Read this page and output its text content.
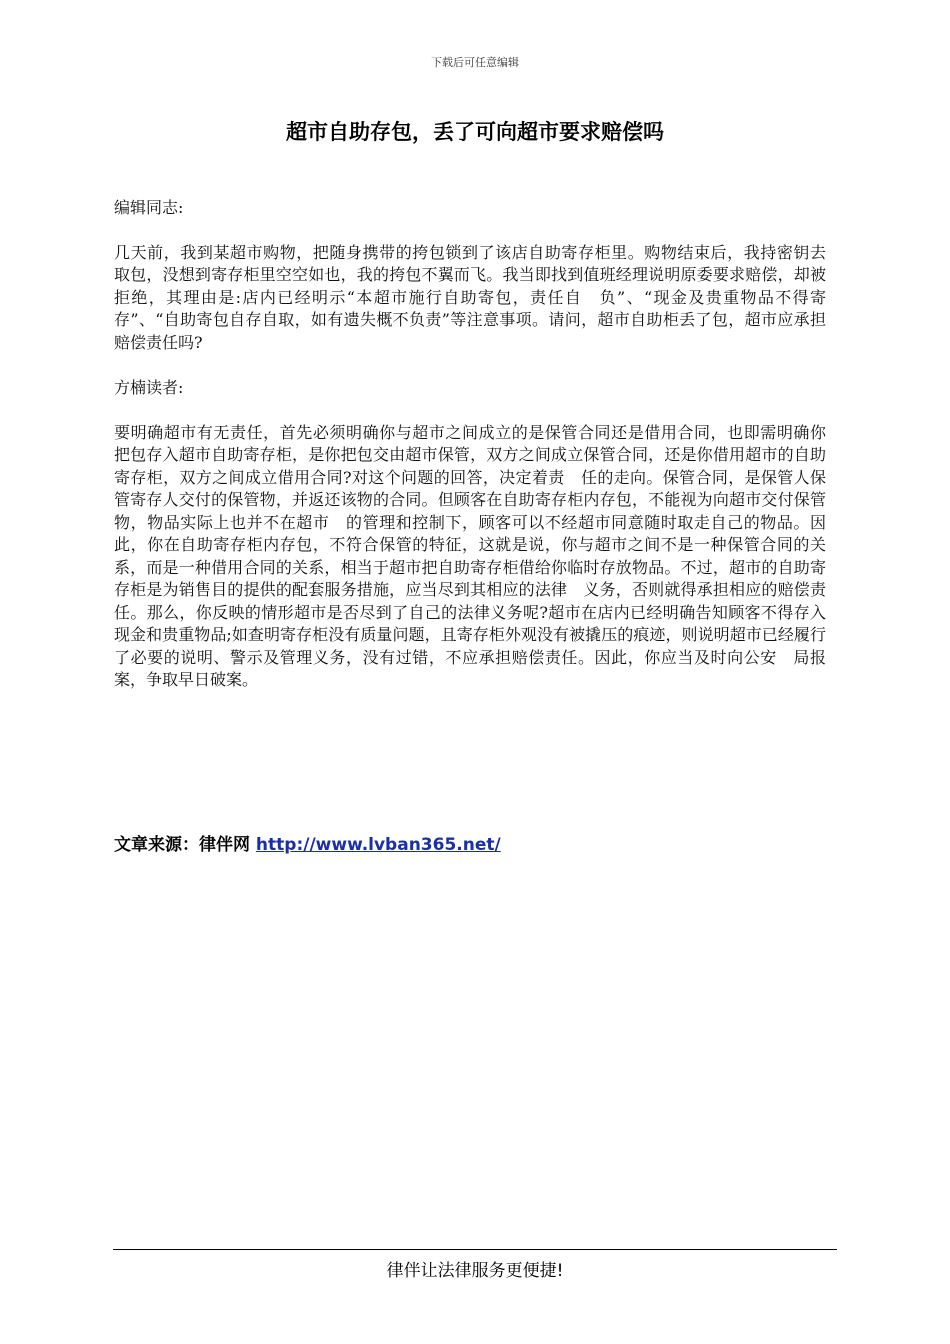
下载后可任意编辑
超市自助存包，丢了可向超市要求赔偿吗

编辑同志:

几天前，我到某超市购物，把随身携带的挎包锁到了该店自助寄存柜里。购物结束后，我持密钥去　取包，没想到寄存柜里空空如也，我的挎包不翼而飞。我当即找到值班经理说明原委要求赔偿，却被拒绝，其理由是:店内已经明示“本超市施行自助寄包，责任自　负”、“现金及贵重物品不得寄存”、“自助寄包自存自取，如有遗失概不负责”等注意事项。请问，超市自助柜丢了包，超市应承担赔偿责任吗?

方楠读者:

要明确超市有无责任，首先必须明确你与超市之间成立的是保管合同还是借用合同，也即需明确你　把包存入超市自助寄存柜，是你把包交由超市保管，双方之间成立保管合同，还是你借用超市的自助寄存柜，双方之间成立借用合同?对这个问题的回答，决定着责　任的走向。保管合同，是保管人保管寄存人交付的保管物，并返还该物的合同。但顾客在自助寄存柜内存包，不能视为向超市交付保管物，物品实际上也并不在超市　的管理和控制下，顾客可以不经超市同意随时取走自己的物品。因此，你在自助寄存柜内存包，不符合保管的特征，这就是说，你与超市之间不是一种保管合同的关　系，而是一种借用合同的关系，相当于超市把自助寄存柜借给你临时存放物品。不过，超市的自助寄存柜是为销售目的提供的配套服务措施，应当尽到其相应的法律　义务，否则就得承担相应的赔偿责任。那么，你反映的情形超市是否尽到了自己的法律义务呢?超市在店内已经明确告知顾客不得存入现金和贵重物品;如查明寄存柜没有质量问题，且寄存柜外观没有被撬压的痕迹，则说明超市已经履行了必要的说明、警示及管理义务，没有过错，不应承担赔偿责任。因此，你应当及时向公安　局报案，争取早日破案。

文章来源：律伴网 http://www.lvban365.net/
律伴让法律服务更便捷!
